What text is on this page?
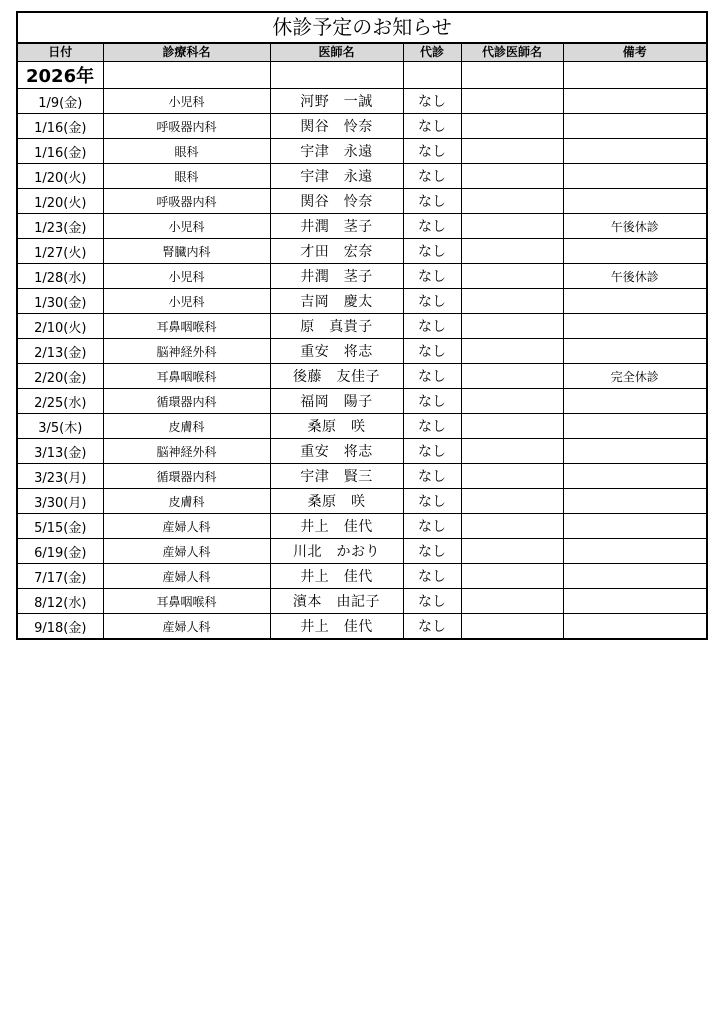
休診予定のお知らせ
日付	診療科名	医師名	代診	代診医師名	備考
2026年					
1/9(金)	小児科	河野　一誠	なし		
1/16(金)	呼吸器内科	関谷　怜奈	なし		
1/16(金)	眼科	宇津　永遠	なし		
1/20(火)	眼科	宇津　永遠	なし		
1/20(火)	呼吸器内科	関谷　怜奈	なし		
1/23(金)	小児科	井潤　茎子	なし		午後休診
1/27(火)	腎臓内科	才田　宏奈	なし		
1/28(水)	小児科	井潤　茎子	なし		午後休診
1/30(金)	小児科	吉岡　慶太	なし		
2/10(火)	耳鼻咽喉科	原　真貴子	なし		
2/13(金)	脳神経外科	重安　将志	なし		
2/20(金)	耳鼻咽喉科	後藤　友佳子	なし		完全休診
2/25(水)	循環器内科	福岡　陽子	なし		
3/5(木)	皮膚科	桑原　咲	なし		
3/13(金)	脳神経外科	重安　将志	なし		
3/23(月)	循環器内科	宇津　賢三	なし		
3/30(月)	皮膚科	桑原　咲	なし		
5/15(金)	産婦人科	井上　佳代	なし		
6/19(金)	産婦人科	川北　かおり	なし		
7/17(金)	産婦人科	井上　佳代	なし		
8/12(水)	耳鼻咽喉科	濱本　由記子	なし		
9/18(金)	産婦人科	井上　佳代	なし		
